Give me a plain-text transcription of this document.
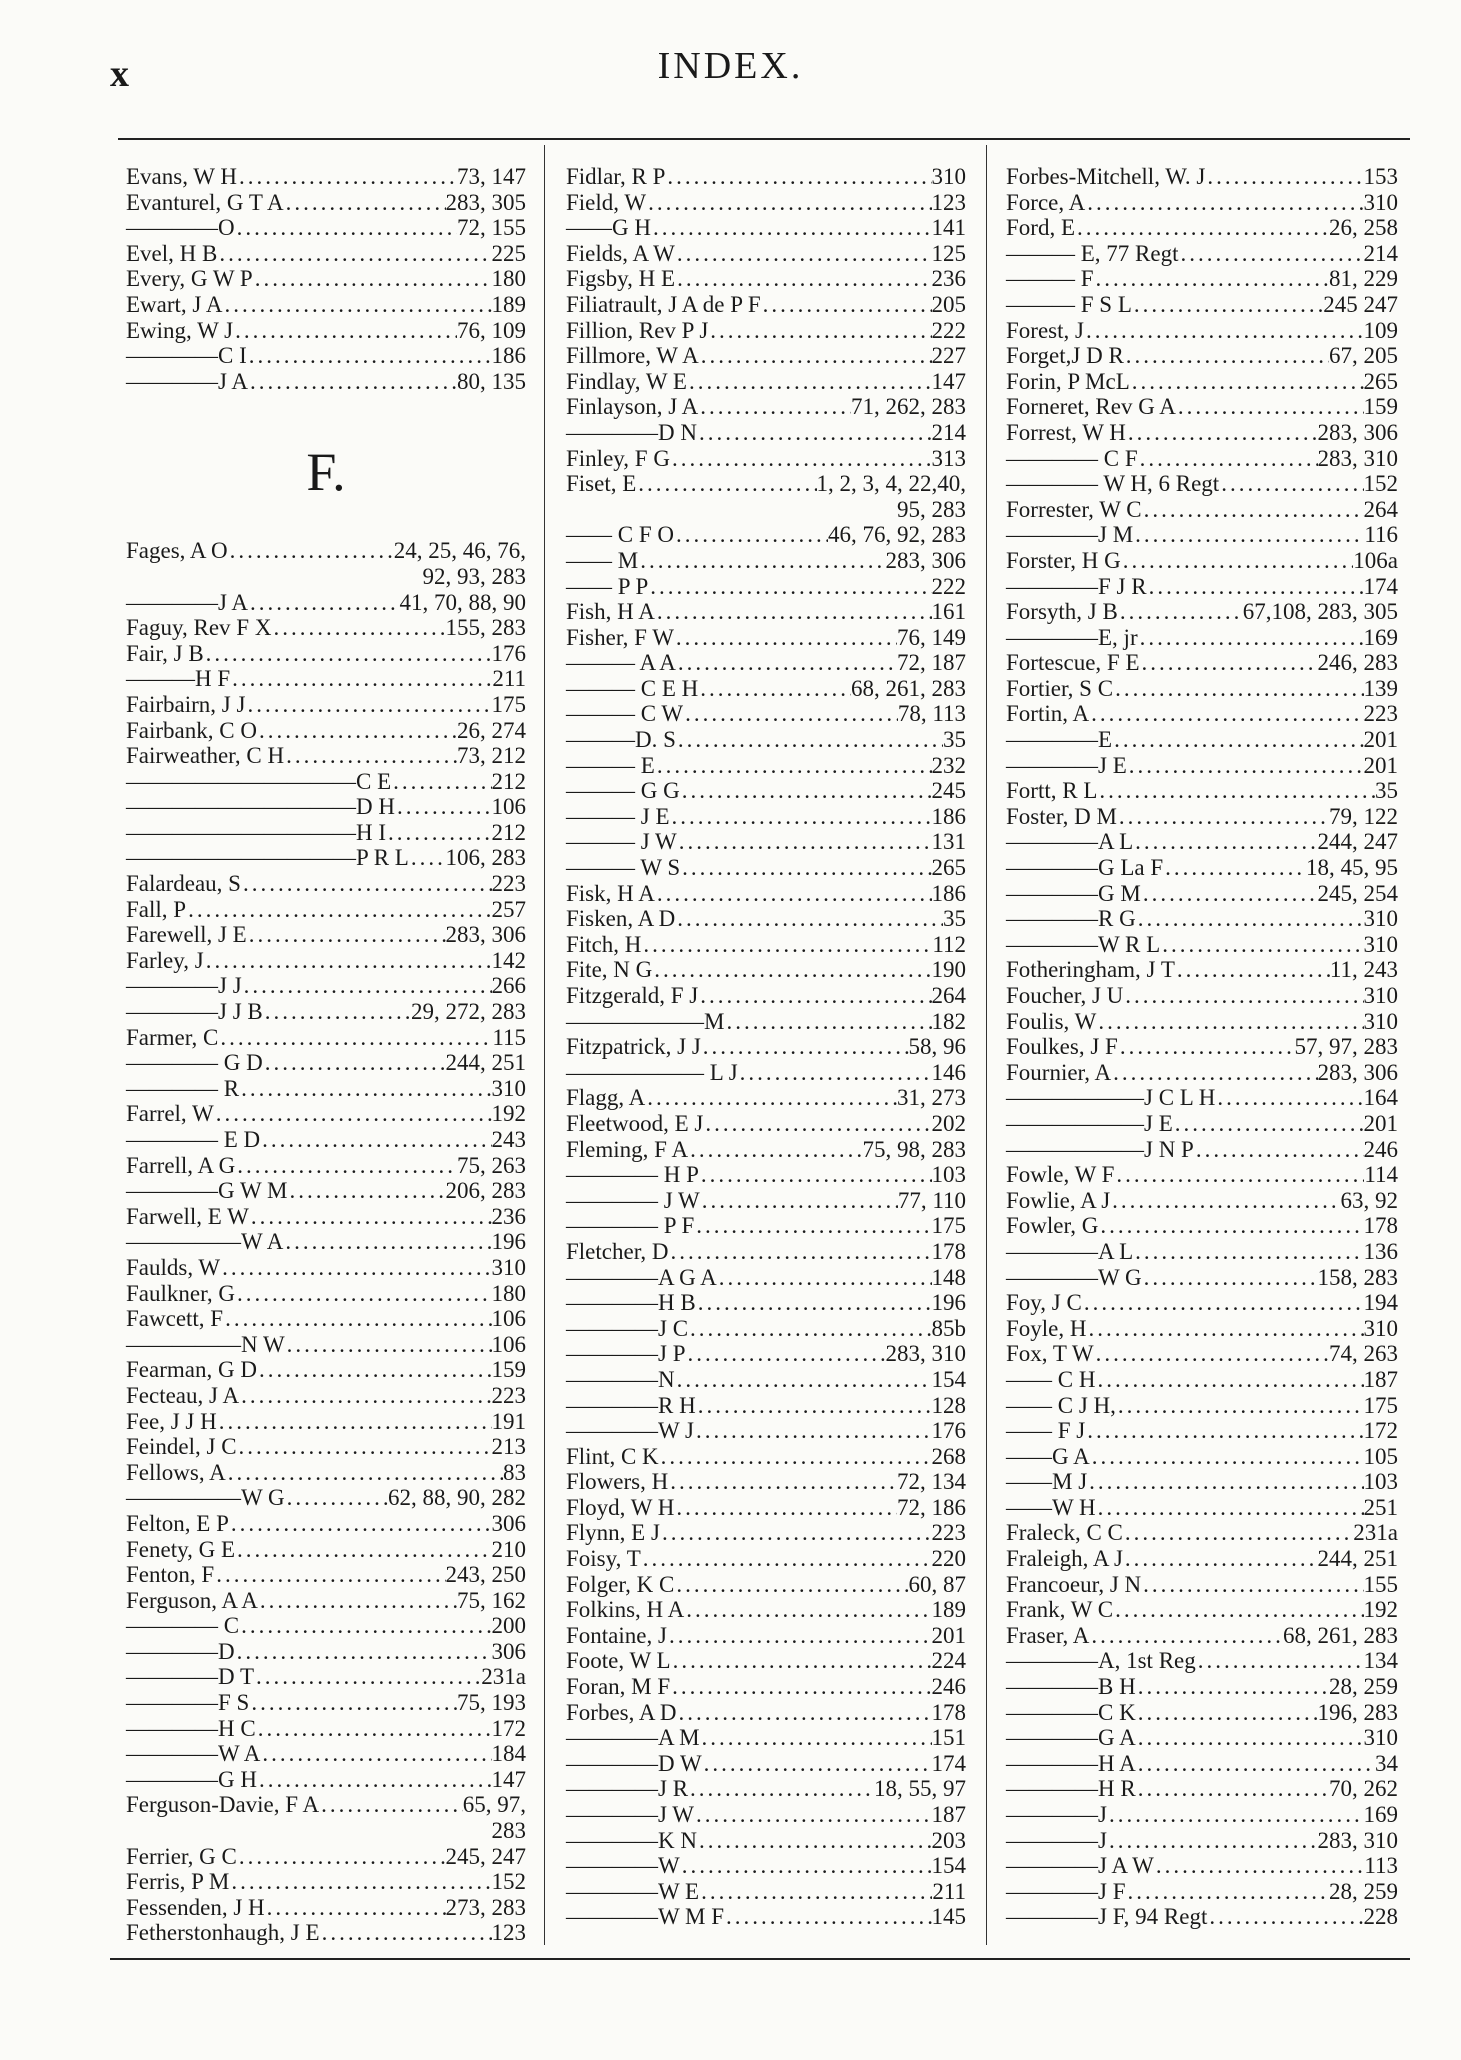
x	INDEX.
Evans, W H .....	73, 147
Evanturel, G T A .....	283, 305
————O .....	72, 155
Evel, H B .....	225
Every, G W P .....	180
Ewart, J A .....	189
Ewing, W J .....	76, 109
————C I .....	186
————J A .....	80, 135
F.
Fages, A O .....	24, 25, 46, 76,
92, 93, 283
————J A .....	41, 70, 88, 90
Faguy, Rev F X .....	155, 283
Fair, J B .....	176
———H F .....	211
Fairbairn, J J .....	175
Fairbank, C O .....	26, 274
Fairweather, C H .....	73, 212
——————————C E .....	212
——————————D H .....	106
——————————H I .....	212
——————————P R L ..... 106, 283
Falardeau, S .....	223
Fall, P .....	257
Farewell, J E .....	283, 306
Farley, J .....	142
————J J .....	266
————J J B .....	29, 272, 283
Farmer, C .....	115
———— G D .....	244, 251
———— R .....	310
Farrel, W .....	192
———— E D .....	243
Farrell, A G .....	75, 263
————G W M .....	206, 283
Farwell, E W .....	236
—————W A .....	196
Faulds, W .....	310
Faulkner, G .....	180
Fawcett, F .....	106
—————N W .....	106
Fearman, G D .....	159
Fecteau, J A .....	223
Fee, J J H .....	191
Feindel, J C .....	213
Fellows, A .....	83
—————W G .....	62, 88, 90, 282
Felton, E P .....	306
Fenety, G E .....	210
Fenton, F .....	243, 250
Ferguson, A A .....	75, 162
———— C .....	200
————D .....	306
————D T .....	231a
————F S .....	75, 193
————H C .....	172
————W A .....	184
————G H .....	147
Ferguson-Davie, F A .....	65, 97,
283
Ferrier, G C .....	245, 247
Ferris, P M .....	152
Fessenden, J H .....	273, 283
Fetherstonhaugh, J E .....	123
Fidlar, R P .....	310
Field, W .....	123
——G H .....	141
Fields, A W .....	125
Figsby, H E .....	236
Filiatrault, J A de P F .....	205
Fillion, Rev P J .....	222
Fillmore, W A .....	227
Findlay, W E .....	147
Finlayson, J A .....	71, 262, 283
————D N .....	214
Finley, F G .....	313
Fiset, E .....	1, 2, 3, 4, 22,40,
95, 283
—— C F O .....	46, 76, 92, 283
—— M .....	283, 306
—— P P .....	222
Fish, H A .....	161
Fisher, F W .....	76, 149
——— A A .....	72, 187
——— C E H .....	68, 261, 283
——— C W .....	78, 113
———D. S .....	35
——— E .....	232
——— G G .....	245
——— J E .....	186
——— J W .....	131
——— W S .....	265
Fisk, H A .....	186
Fisken, A D .....	35
Fitch, H .....	112
Fite, N G .....	190
Fitzgerald, F J .....	264
——————M .....	182
Fitzpatrick, J J .....	58, 96
—————— L J .....	146
Flagg, A .....	31, 273
Fleetwood, E J .....	202
Fleming, F A .....	75, 98, 283
———— H P .....	103
———— J W .....	77, 110
———— P F .....	175
Fletcher, D .....	178
————A G A .....	148
————H B .....	196
————J C .....	85b
————J P .....	283, 310
————N .....	154
————R H .....	128
————W J .....	176
Flint, C K .....	268
Flowers, H .....	72, 134
Floyd, W H .....	72, 186
Flynn, E J .....	223
Foisy, T .....	220
Folger, K C .....	60, 87
Folkins, H A .....	189
Fontaine, J .....	201
Foote, W L .....	224
Foran, M F .....	246
Forbes, A D .....	178
————A M .....	151
————D W .....	174
————J R .....	18, 55, 97
————J W .....	187
————K N .....	203
————W .....	154
————W E .....	211
————W M F .....	145
Forbes-Mitchell, W. J .....	153
Force, A .....	310
Ford, E .....	26, 258
——— E, 77 Regt .....	214
——— F .....	81, 229
——— F S L .....	245 247
Forest, J .....	109
Forget,J D R .....	67, 205
Forin, P McL .....	265
Forneret, Rev G A .....	159
Forrest, W H .....	283, 306
———— C F .....	283, 310
———— W H, 6 Regt .....	152
Forrester, W C .....	264
————J M .....	116
Forster, H G .....	106a
————F J R .....	174
Forsyth, J B .....	67,108, 283, 305
————E, jr .....	169
Fortescue, F E .....	246, 283
Fortier, S C .....	139
Fortin, A .....	223
————E .....	201
————J E .....	201
Fortt, R L .....	35
Foster, D M .....	79, 122
————A L .....	244, 247
————G La F .....	18, 45, 95
————G M .....	245, 254
————R G .....	310
————W R L .....	310
Fotheringham, J T .....	11, 243
Foucher, J U .....	310
Foulis, W .....	310
Foulkes, J F .....	57, 97, 283
Fournier, A .....	283, 306
——————J C L H .....	164
——————J E .....	201
——————J N P .....	246
Fowle, W F .....	114
Fowlie, A J .....	63, 92
Fowler, G .....	178
————A L .....	136
————W G .....	158, 283
Foy, J C .....	194
Foyle, H .....	310
Fox, T W .....	74, 263
—— C H .....	187
—— C J H, .....	175
—— F J .....	172
——G A .....	105
——M J .....	103
——W H .....	251
Fraleck, C C .....	231a
Fraleigh, A J .....	244, 251
Francoeur, J N .....	155
Frank, W C .....	192
Fraser, A .....	68, 261, 283
————A, 1st Reg .....	134
————B H .....	28, 259
————C K .....	196, 283
————G A .....	310
————H A .....	34
————H R .....	70, 262
————J .....	169
————J .....	283, 310
————J A W .....	113
————J F .....	28, 259
————J F, 94 Regt .....	228
